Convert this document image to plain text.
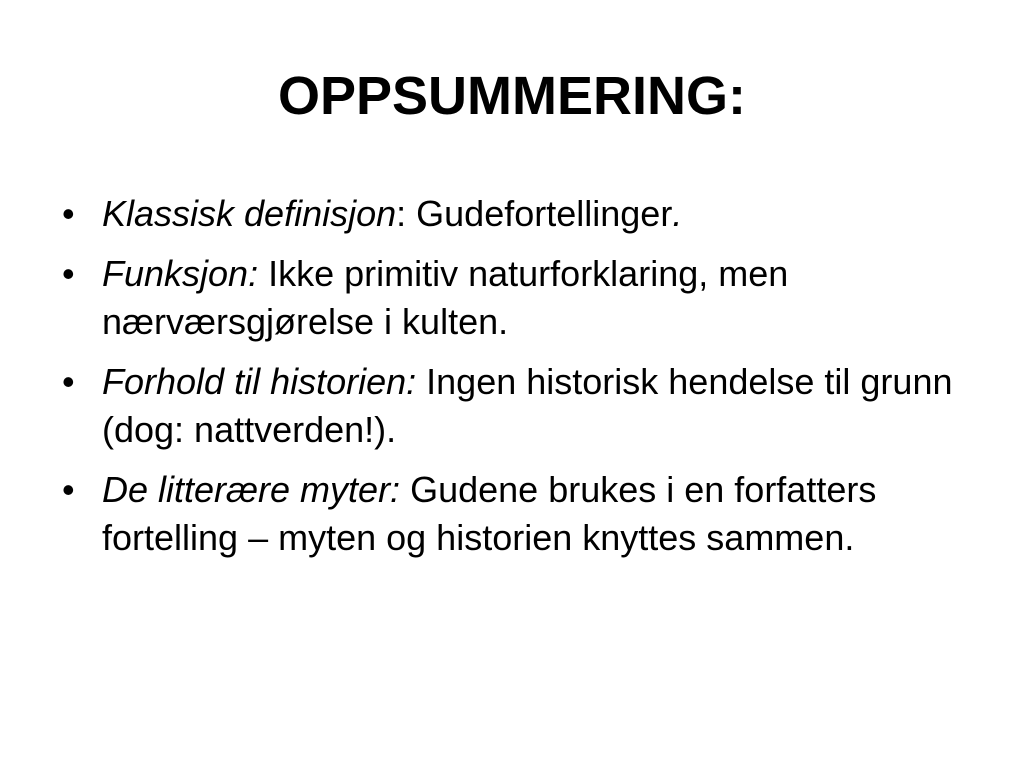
OPPSUMMERING:
• Klassisk definisjon: Gudefortellinger.
• Funksjon: Ikke primitiv naturforklaring, men nærværsgjørelse i kulten.
• Forhold til historien: Ingen historisk hendelse til grunn (dog: nattverden!).
• De litterære myter: Gudene brukes i en forfatters fortelling – myten og historien knyttes sammen.
